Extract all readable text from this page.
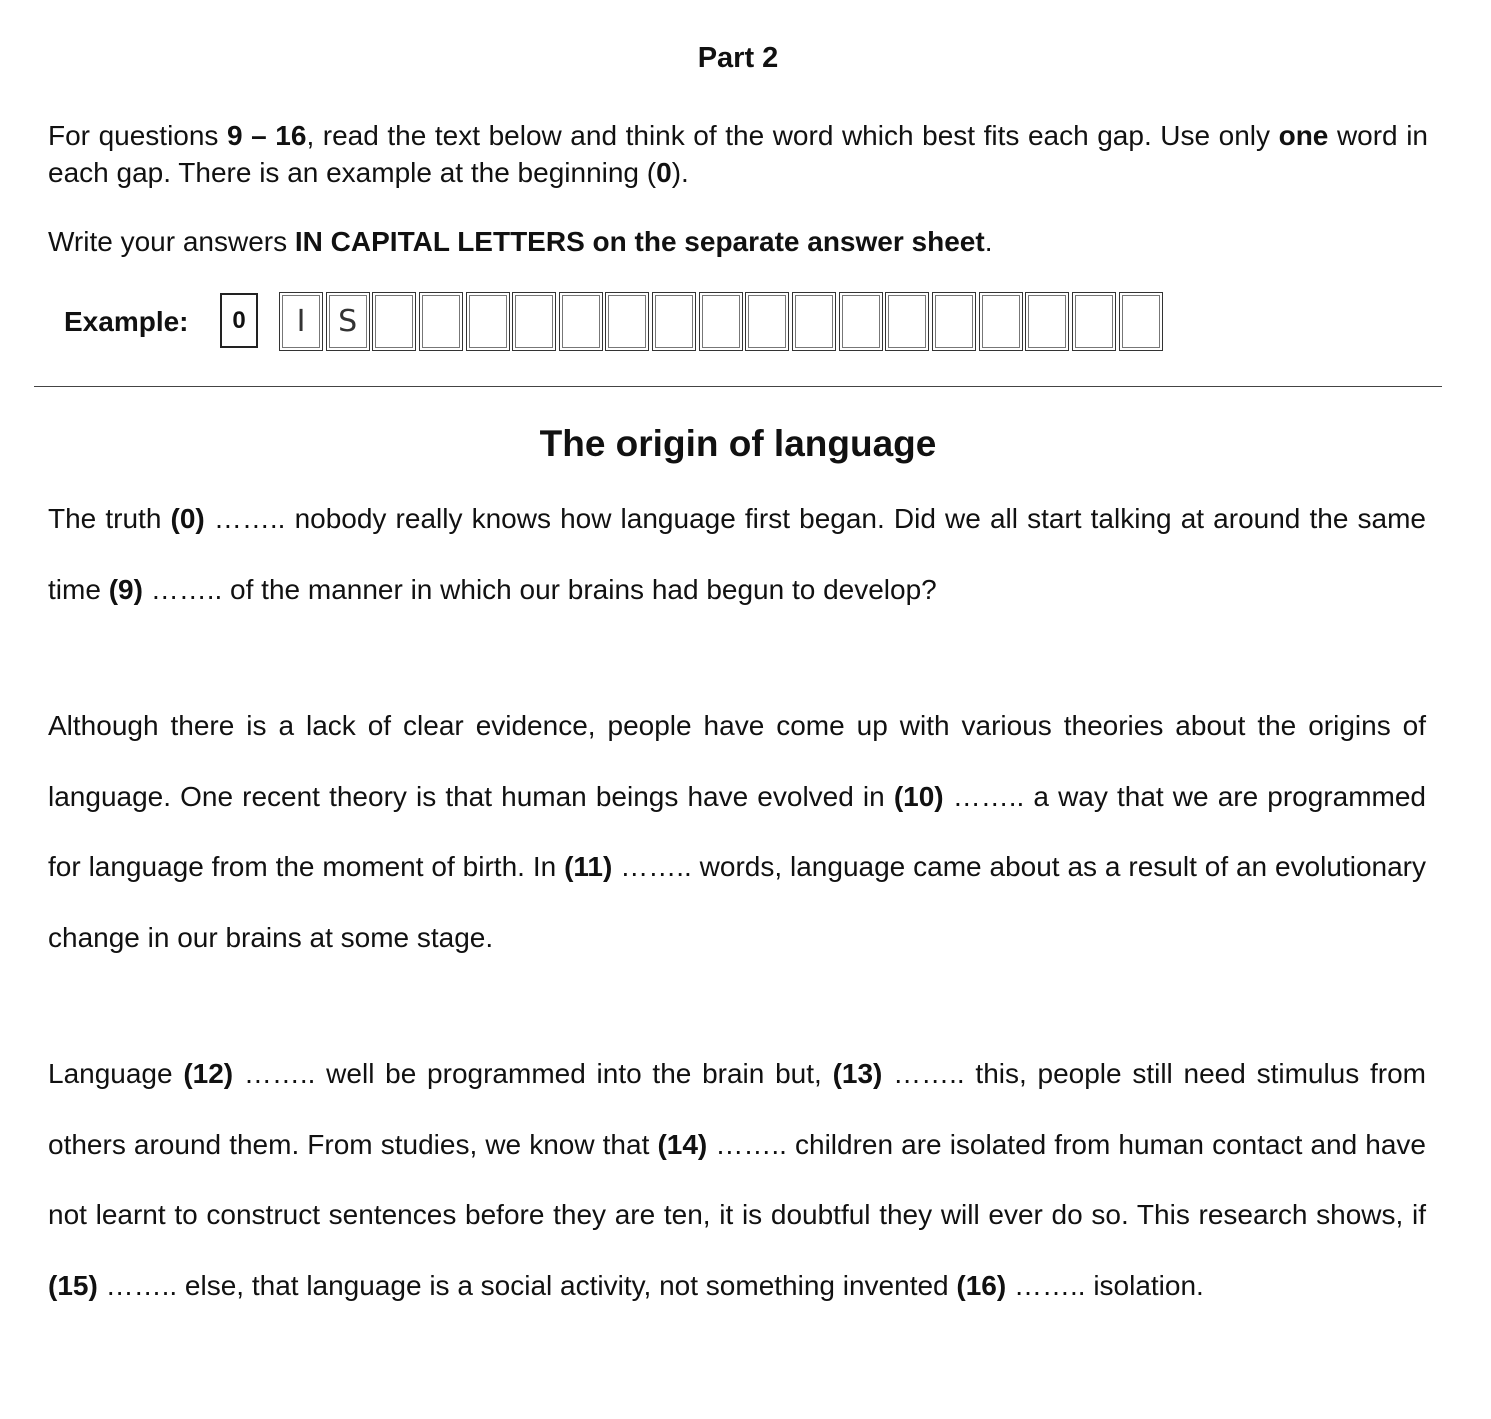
Part 2

For questions 9 – 16, read the text below and think of the word which best fits each gap. Use only one word in each gap. There is an example at the beginning (0).

Write your answers IN CAPITAL LETTERS on the separate answer sheet.

Example:	0	I	S
The origin of language

The truth (0) …….. nobody really knows how language first began. Did we all start talking at around the same time (9) …….. of the manner in which our brains had begun to develop?

Although there is a lack of clear evidence, people have come up with various theories about the origins of language. One recent theory is that human beings have evolved in (10) …….. a way that we are programmed for language from the moment of birth. In (11) …….. words, language came about as a result of an evolutionary change in our brains at some stage.

Language (12) …….. well be programmed into the brain but, (13) …….. this, people still need stimulus from others around them. From studies, we know that (14) …….. children are isolated from human contact and have not learnt to construct sentences before they are ten, it is doubtful they will ever do so. This research shows, if (15) …….. else, that language is a social activity, not something invented (16) …….. isolation.
